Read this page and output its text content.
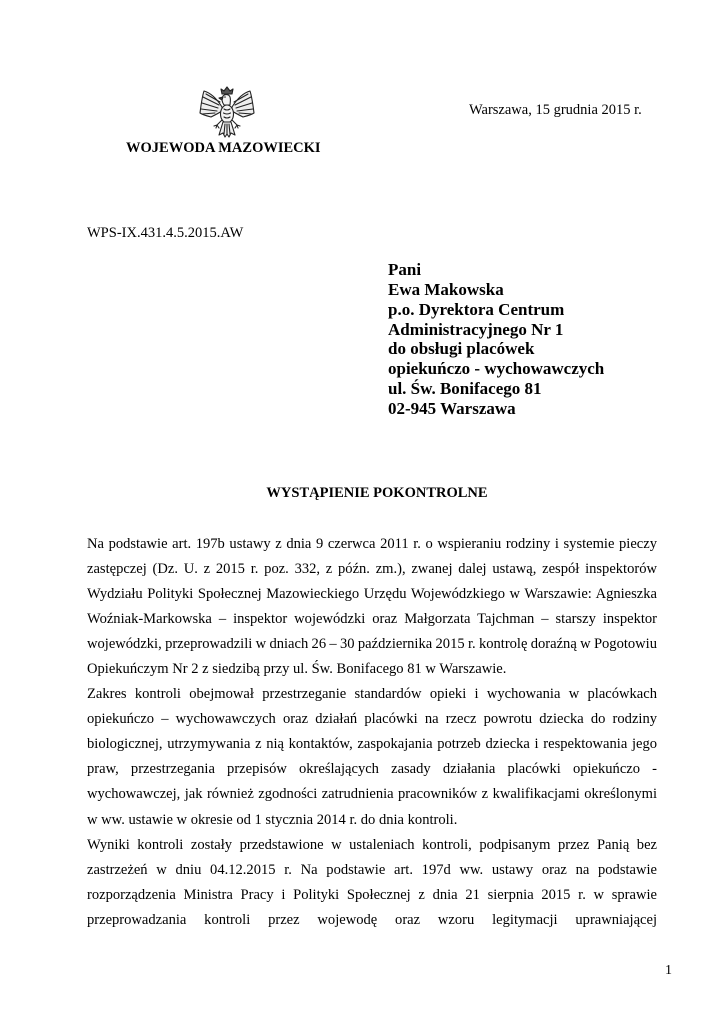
Warszawa, 15 grudnia 2015 r.
WOJEWODA MAZOWIECKI
WPS-IX.431.4.5.2015.AW
Pani
Ewa Makowska
p.o. Dyrektora Centrum
Administracyjnego Nr 1
do obsługi placówek
opiekuńczo - wychowawczych
ul. Św. Bonifacego 81
02-945 Warszawa
WYSTĄPIENIE POKONTROLNE
Na podstawie art. 197b ustawy z dnia 9 czerwca 2011 r. o wspieraniu rodziny i systemie pieczy
zastępczej (Dz. U. z 2015 r. poz. 332, z późn. zm.), zwanej dalej ustawą, zespół inspektorów
Wydziału Polityki Społecznej Mazowieckiego Urzędu Wojewódzkiego w Warszawie: Agnieszka
Woźniak-Markowska – inspektor wojewódzki oraz Małgorzata Tajchman – starszy inspektor
wojewódzki, przeprowadzili w dniach 26 – 30 października 2015 r. kontrolę doraźną w Pogotowiu
Opiekuńczym Nr 2 z siedzibą przy ul. Św. Bonifacego 81 w Warszawie.
Zakres kontroli obejmował przestrzeganie standardów opieki i wychowania w placówkach
opiekuńczo – wychowawczych oraz działań placówki na rzecz powrotu dziecka do rodziny
biologicznej, utrzymywania z nią kontaktów, zaspokajania potrzeb dziecka i respektowania jego
praw, przestrzegania przepisów określających zasady działania placówki opiekuńczo -
wychowawczej, jak również zgodności zatrudnienia pracowników z kwalifikacjami określonymi
w ww. ustawie w okresie od 1 stycznia 2014 r. do dnia kontroli.
Wyniki kontroli zostały przedstawione w ustaleniach kontroli, podpisanym przez Panią bez
zastrzeżeń w dniu 04.12.2015 r. Na podstawie art. 197d ww. ustawy oraz na podstawie
rozporządzenia Ministra Pracy i Polityki Społecznej z dnia 21 sierpnia 2015 r. w sprawie
przeprowadzania kontroli przez wojewodę oraz wzoru legitymacji uprawniającej
1
